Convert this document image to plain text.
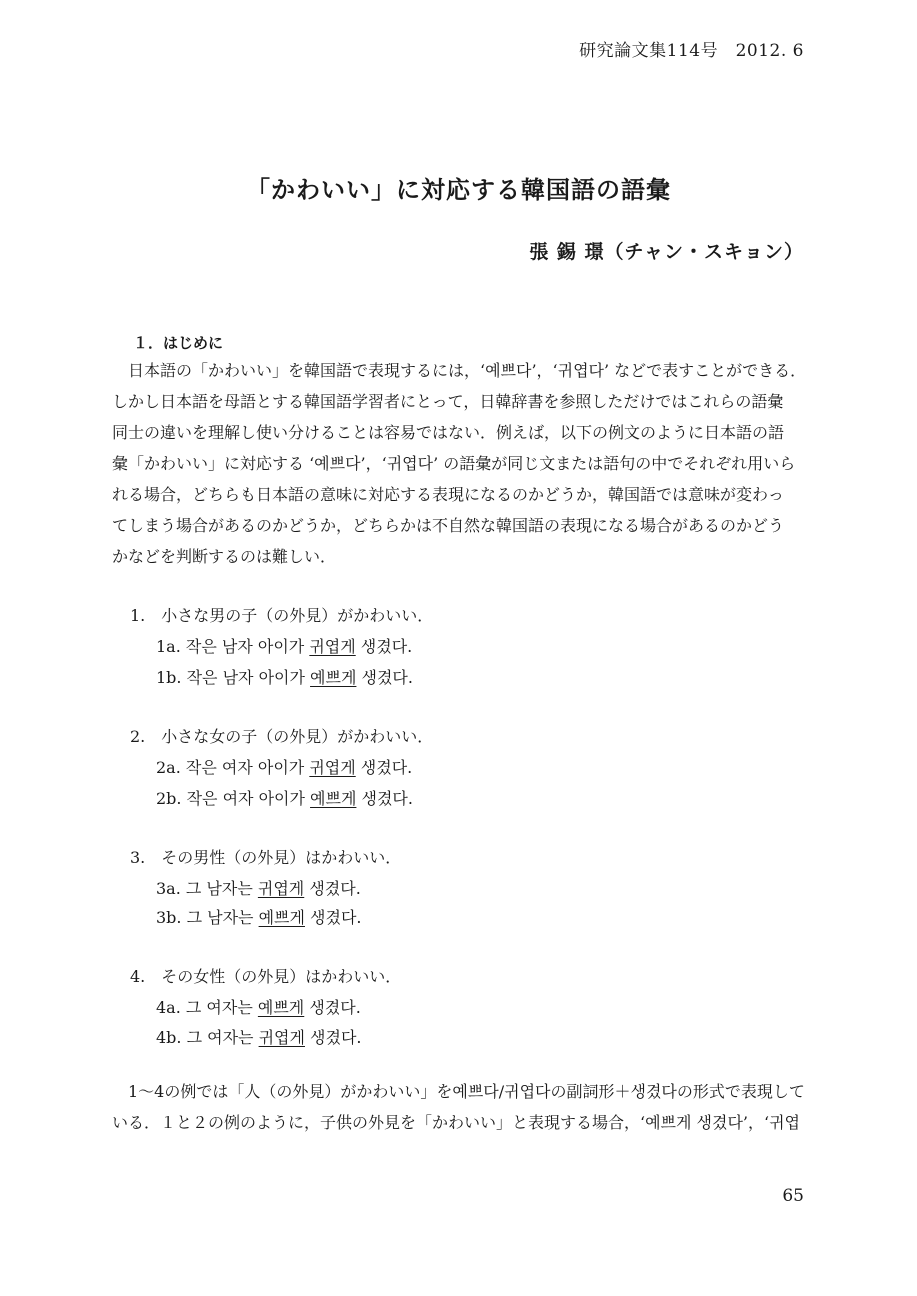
研究論文集114号　2012. 6
「かわいい」に対応する韓国語の語彙
張 錫 璟（チャン・スキョン）
１．はじめに
　日本語の「かわいい」を韓国語で表現するには，‘예쁘다’，‘귀엽다’ などで表すことができる．
しかし日本語を母語とする韓国語学習者にとって，日韓辞書を参照しただけではこれらの語彙
同士の違いを理解し使い分けることは容易ではない．例えば，以下の例文のように日本語の語
彙「かわいい」に対応する ‘예쁘다’，‘귀엽다’ の語彙が同じ文または語句の中でそれぞれ用いら
れる場合，どちらも日本語の意味に対応する表現になるのかどうか，韓国語では意味が変わっ
てしまう場合があるのかどうか，どちらかは不自然な韓国語の表現になる場合があるのかどう
かなどを判断するのは難しい．
1.　小さな男の子（の外見）がかわいい．
1a. 작은 남자 아이가 귀엽게 생겼다.
1b. 작은 남자 아이가 예쁘게 생겼다.
2.　小さな女の子（の外見）がかわいい．
2a. 작은 여자 아이가 귀엽게 생겼다.
2b. 작은 여자 아이가 예쁘게 생겼다.
3.　その男性（の外見）はかわいい．
3a. 그 남자는 귀엽게 생겼다.
3b. 그 남자는 예쁘게 생겼다.
4.　その女性（の外見）はかわいい．
4a. 그 여자는 예쁘게 생겼다.
4b. 그 여자는 귀엽게 생겼다.
　1～4の例では「人（の外見）がかわいい」を예쁘다/귀엽다の副詞形＋생겼다の形式で表現して
いる．１と２の例のように，子供の外見を「かわいい」と表現する場合，‘예쁘게 생겼다’，‘귀엽
65
